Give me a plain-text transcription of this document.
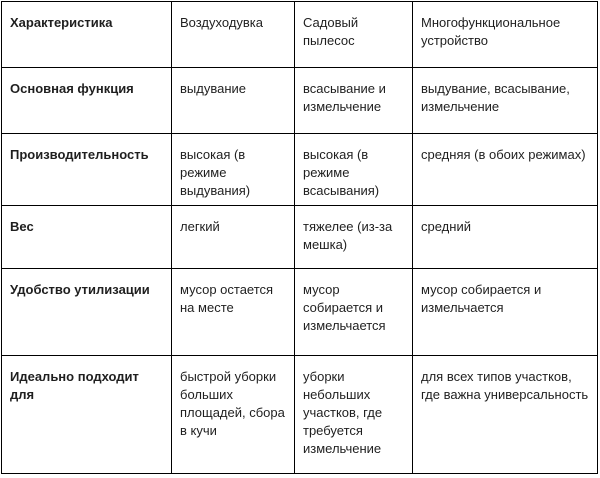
Характеристика	Воздуходувка	Садовый пылесос	Многофункциональное устройство
Основная функция	выдувание	всасывание и измельчение	выдувание, всасывание, измельчение
Производительность	высокая (в режиме выдувания)	высокая (в режиме всасывания)	средняя (в обоих режимах)
Вес	легкий	тяжелее (из-за мешка)	средний
Удобство утилизации	мусор остается на месте	мусор собирается и измельчается	мусор собирается и измельчается
Идеально подходит для	быстрой уборки больших площадей, сбора в кучи	уборки небольших участков, где требуется измельчение	для всех типов участков, где важна универсальность
